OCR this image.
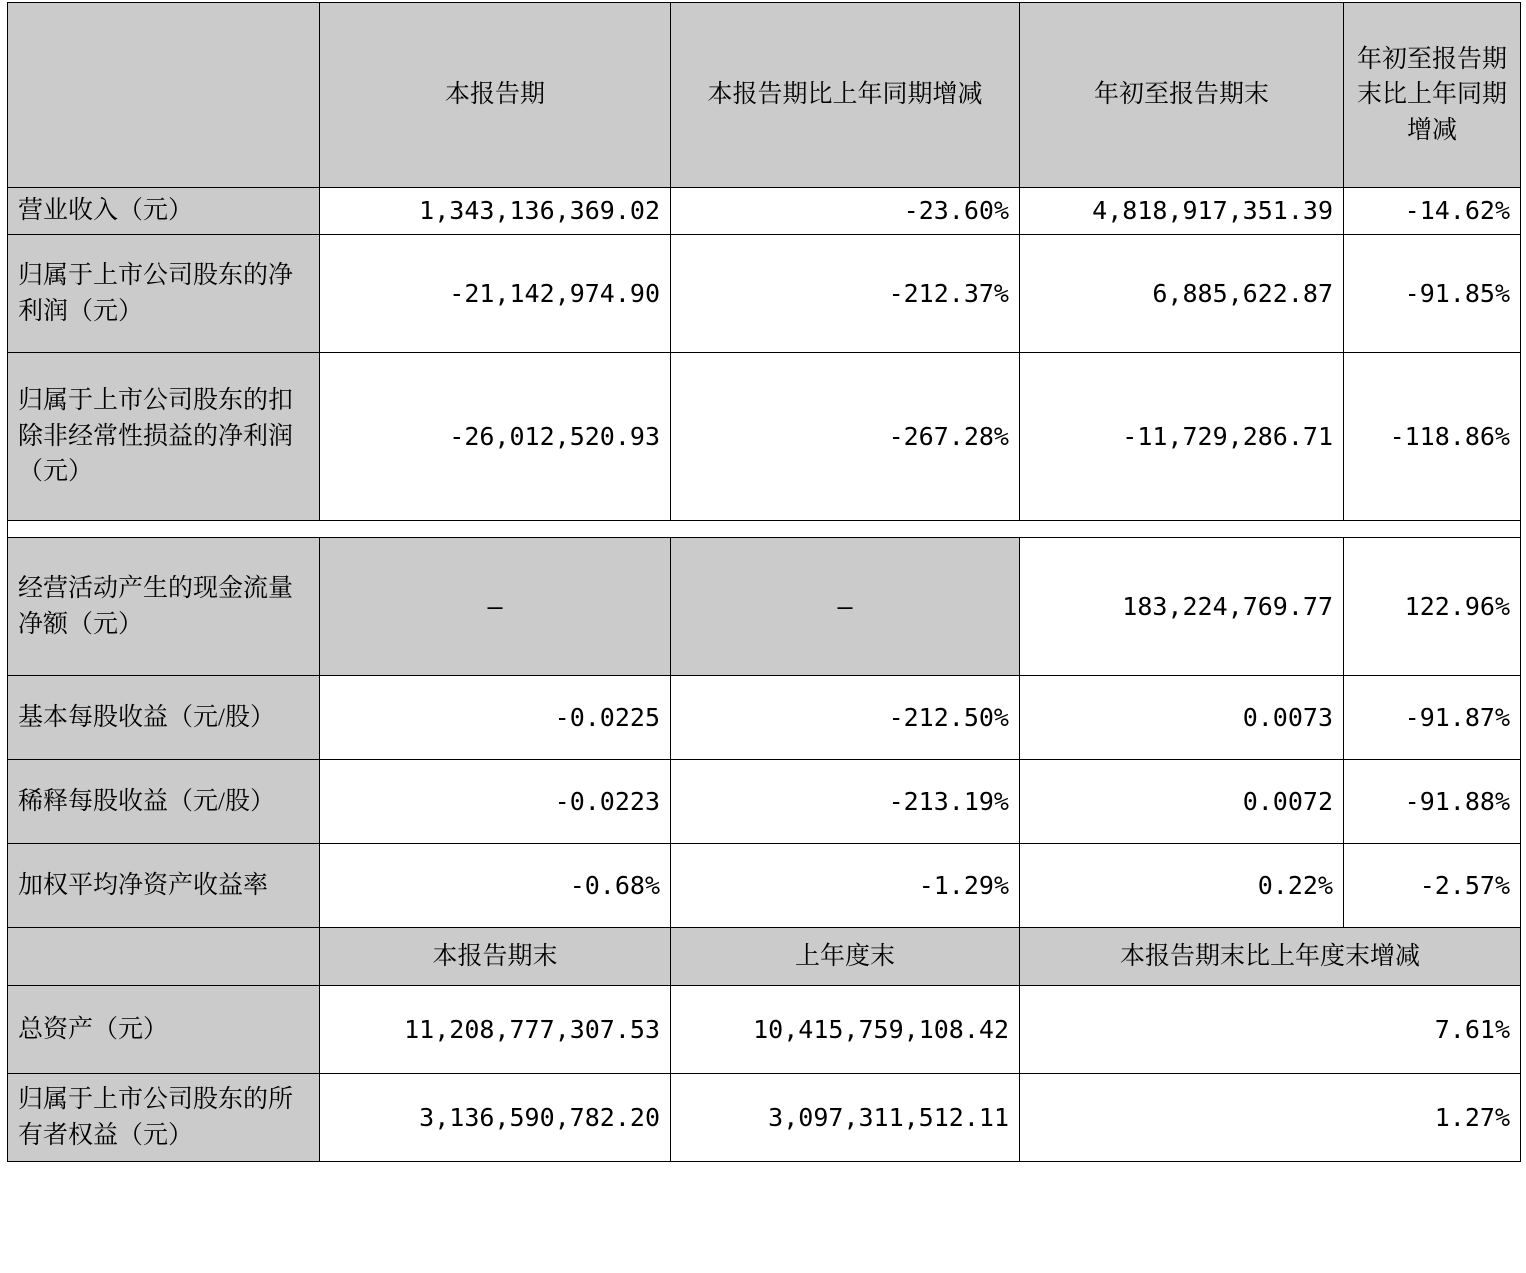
	本报告期	本报告期比上年同期增减	年初至报告期末	年初至报告期末比上年同期增减
营业收入（元）	1,343,136,369.02	-23.60%	4,818,917,351.39	-14.62%
归属于上市公司股东的净利润（元）	-21,142,974.90	-212.37%	6,885,622.87	-91.85%
归属于上市公司股东的扣除非经常性损益的净利润（元）	-26,012,520.93	-267.28%	-11,729,286.71	-118.86%

经营活动产生的现金流量净额（元）	—	—	183,224,769.77	122.96%
基本每股收益（元/股）	-0.0225	-212.50%	0.0073	-91.87%
稀释每股收益（元/股）	-0.0223	-213.19%	0.0072	-91.88%
加权平均净资产收益率	-0.68%	-1.29%	0.22%	-2.57%
	本报告期末	上年度末	本报告期末比上年度末增减	
总资产（元）	11,208,777,307.53	10,415,759,108.42	7.61%	
归属于上市公司股东的所有者权益（元）	3,136,590,782.20	3,097,311,512.11	1.27%	
